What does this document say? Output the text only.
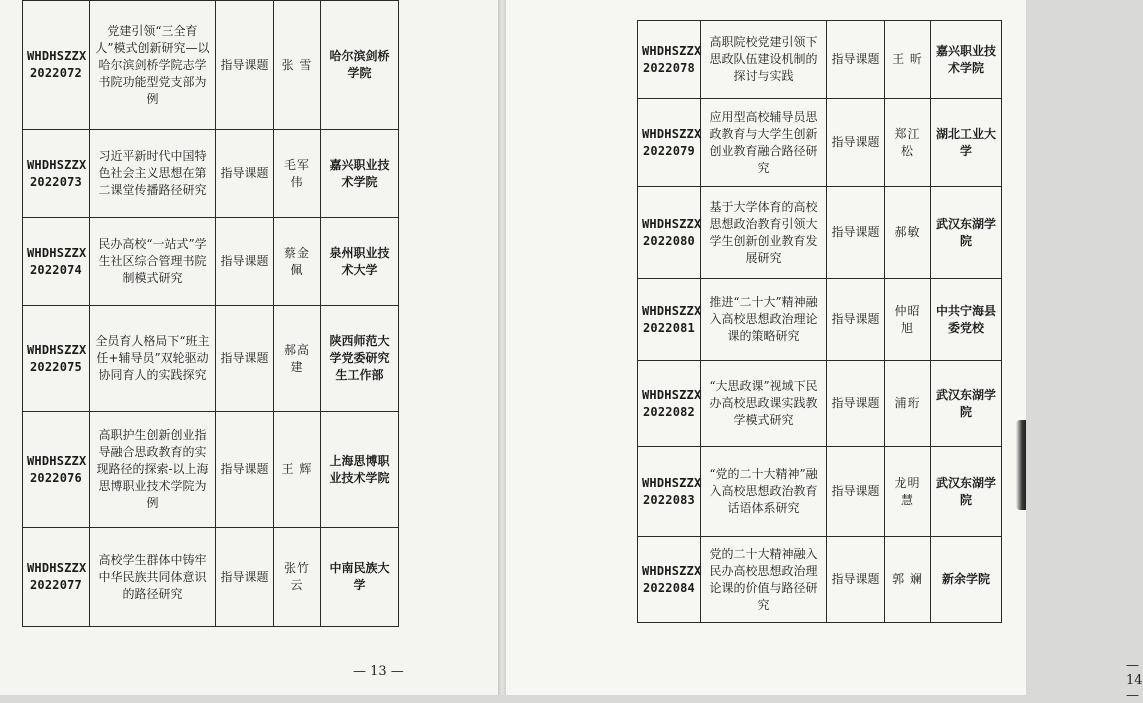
WHDHSZZX 2022072	党建引领“三全育人”模式创新研究—以哈尔滨剑桥学院志学书院功能型党支部为例	指导课题	张 雪	哈尔滨剑桥学院
WHDHSZZX 2022073	习近平新时代中国特色社会主义思想在第二课堂传播路径研究	指导课题	毛军伟	嘉兴职业技术学院
WHDHSZZX 2022074	民办高校“一站式”学生社区综合管理书院制模式研究	指导课题	蔡金佩	泉州职业技术大学
WHDHSZZX 2022075	全员育人格局下“班主任+辅导员”双轮驱动协同育人的实践探究	指导课题	郝高建	陕西师范大学党委研究生工作部
WHDHSZZX 2022076	高职护生创新创业指导融合思政教育的实现路径的探索-以上海思博职业技术学院为例	指导课题	王 辉	上海思博职业技术学院
WHDHSZZX 2022077	高校学生群体中铸牢中华民族共同体意识的路径研究	指导课题	张竹云	中南民族大学
— 13 —	— 14 —
WHDHSZZX 2022078	高职院校党建引领下思政队伍建设机制的探讨与实践	指导课题	王 昕	嘉兴职业技术学院
WHDHSZZX 2022079	应用型高校辅导员思政教育与大学生创新创业教育融合路径研究	指导课题	郑江松	湖北工业大学
WHDHSZZX 2022080	基于大学体育的高校思想政治教育引领大学生创新创业教育发展研究	指导课题	郝敏	武汉东湖学院
WHDHSZZX 2022081	推进“二十大”精神融入高校思想政治理论课的策略研究	指导课题	仲昭旭	中共宁海县委党校
WHDHSZZX 2022082	“大思政课”视域下民办高校思政课实践教学模式研究	指导课题	浦珩	武汉东湖学院
WHDHSZZX 2022083	“党的二十大精神”融入高校思想政治教育话语体系研究	指导课题	龙明慧	武汉东湖学院
WHDHSZZX 2022084	党的二十大精神融入民办高校思想政治理论课的价值与路径研究	指导课题	郭 斓	新余学院
